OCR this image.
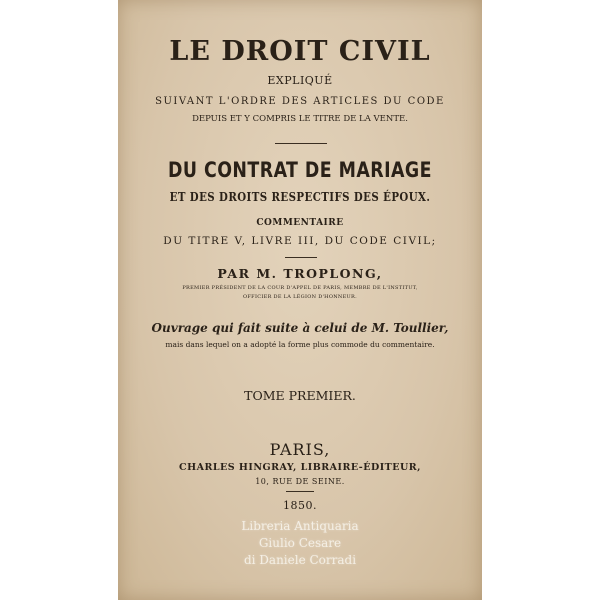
LE DROIT CIVIL
EXPLIQUÉ
SUIVANT L'ORDRE DES ARTICLES DU CODE
DEPUIS ET Y COMPRIS LE TITRE DE LA VENTE.
DU CONTRAT DE MARIAGE
ET DES DROITS RESPECTIFS DES ÉPOUX.
COMMENTAIRE
DU TITRE V, LIVRE III, DU CODE CIVIL;
PAR M. TROPLONG,
PREMIER PRÉSIDENT DE LA COUR D'APPEL DE PARIS, MEMBRE DE L'INSTITUT,
OFFICIER DE LA LÉGION D'HONNEUR.
Ouvrage qui fait suite à celui de M. Toullier,
mais dans lequel on a adopté la forme plus commode du commentaire.
TOME PREMIER.
PARIS,
CHARLES HINGRAY, LIBRAIRE-ÉDITEUR,
10, RUE DE SEINE.
1850.
Libreria Antiquaria
Giulio Cesare
di Daniele Corradi
